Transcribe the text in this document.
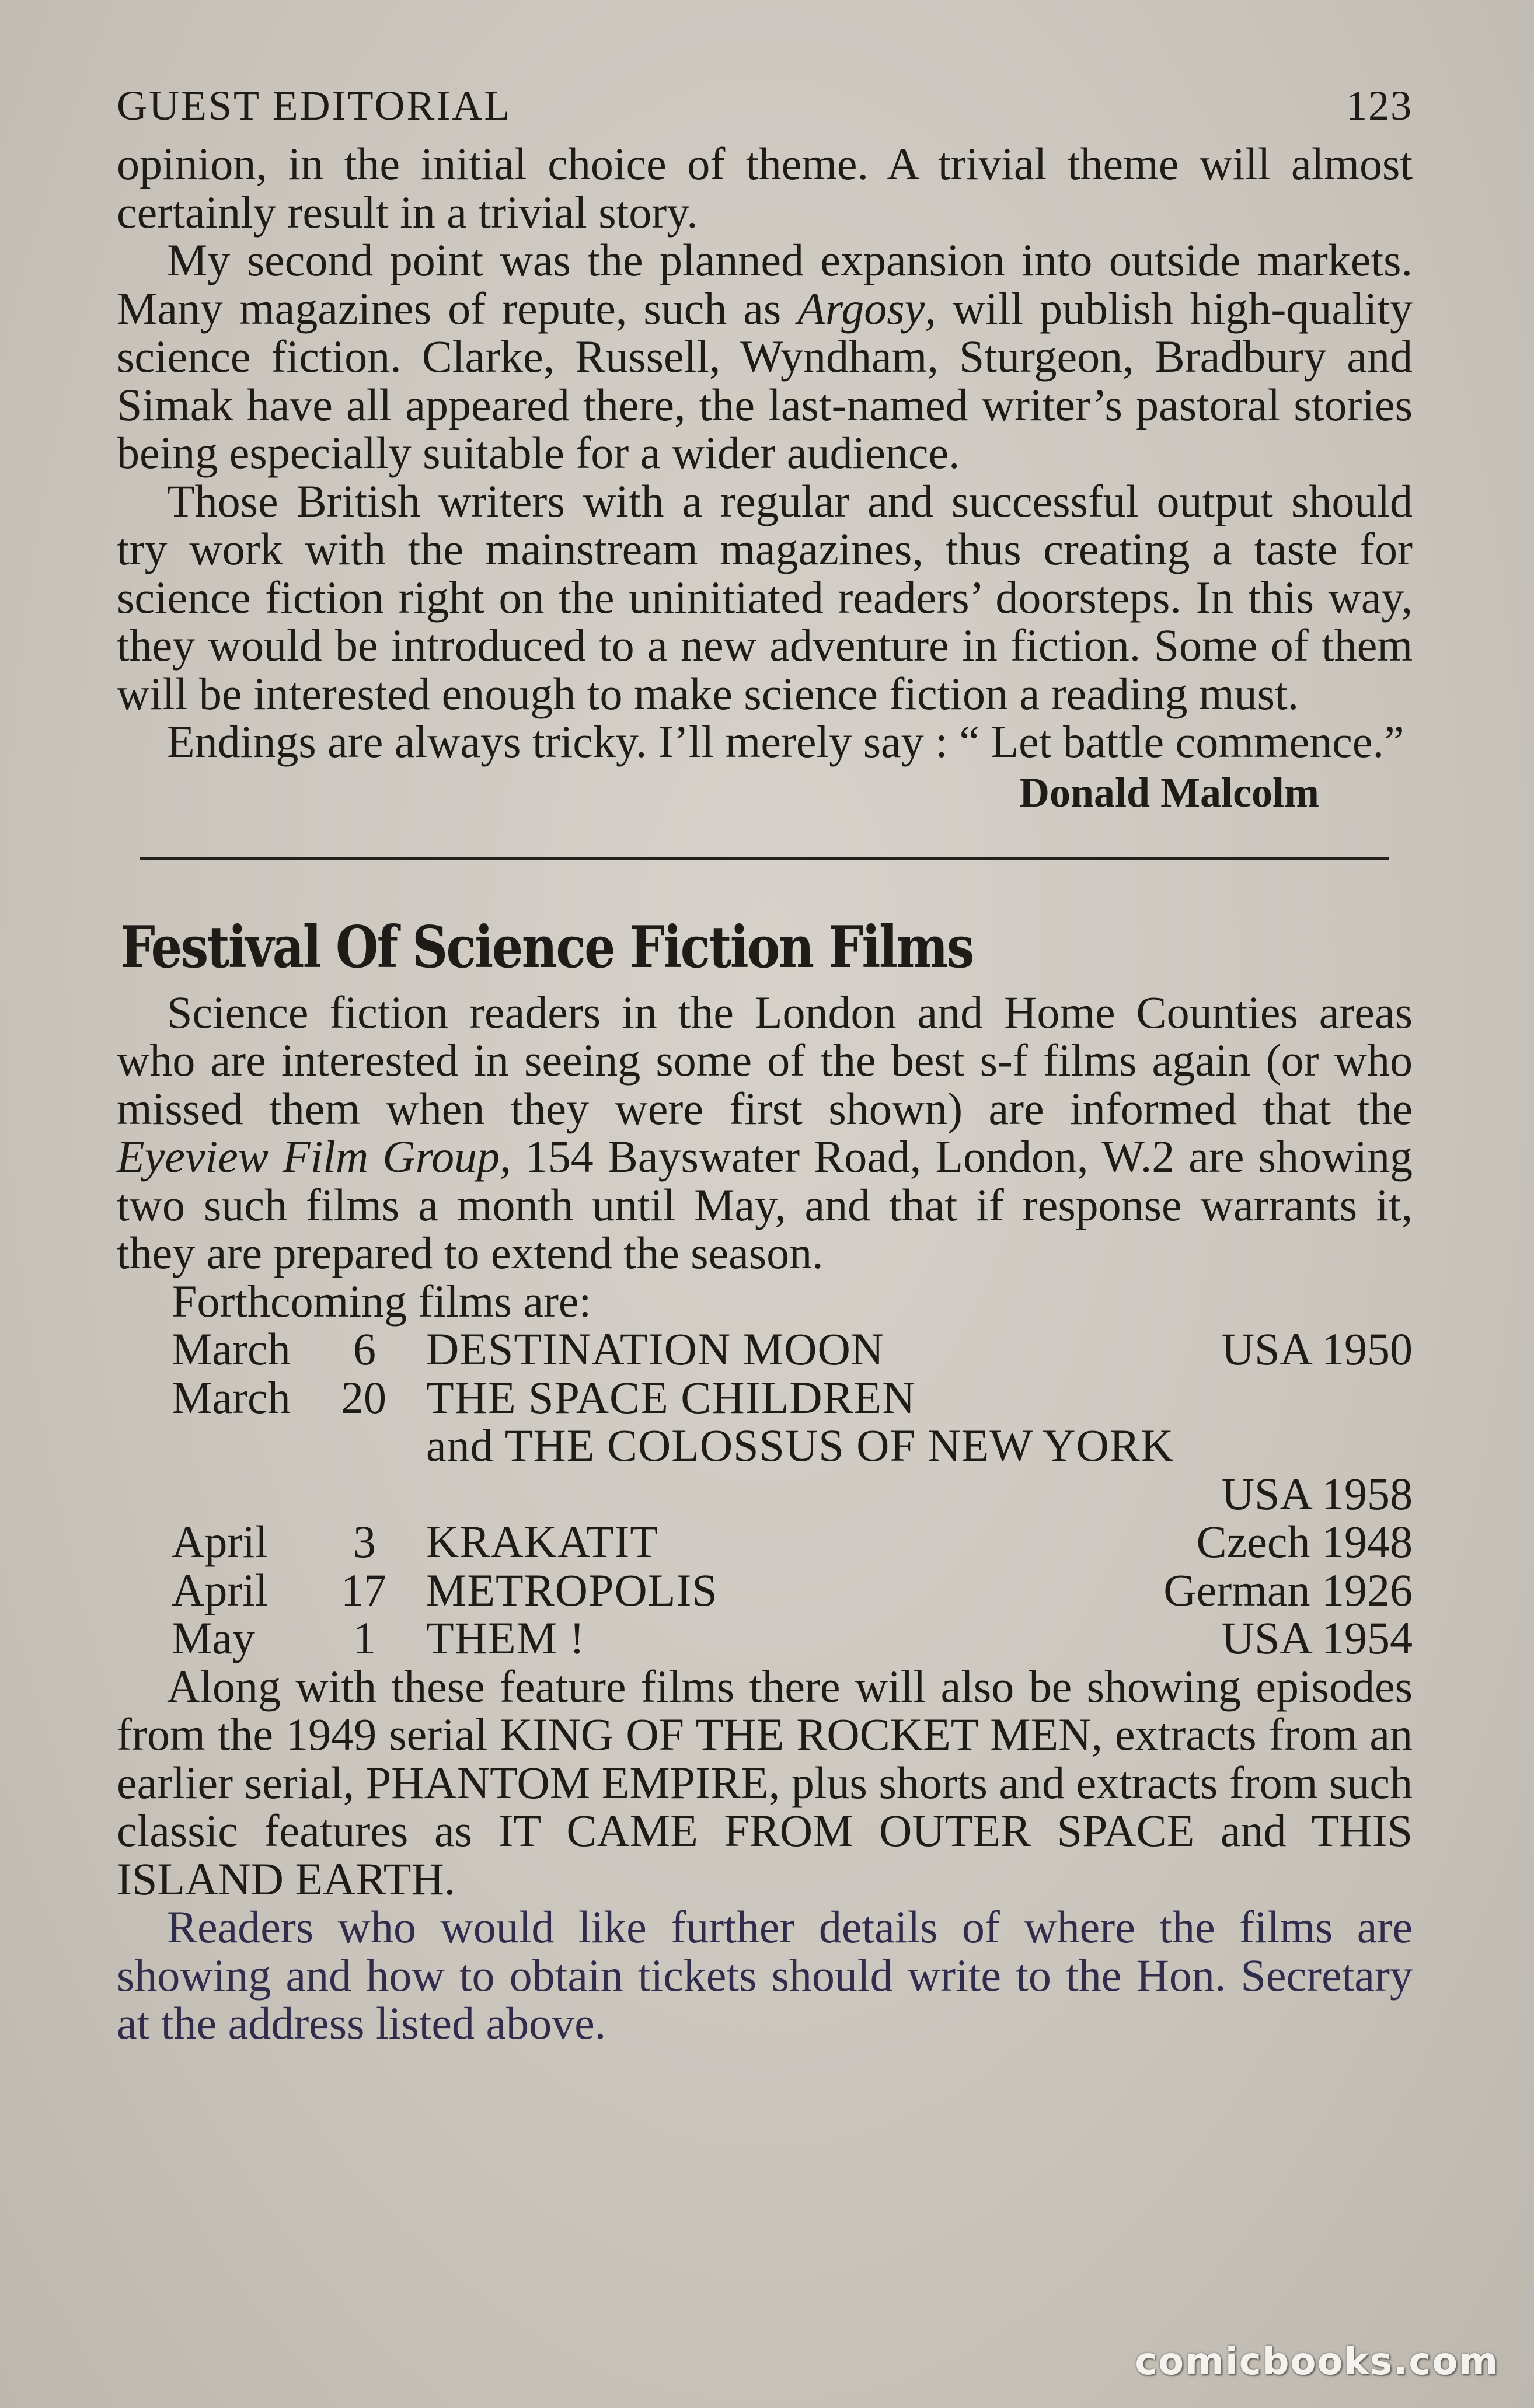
GUEST EDITORIAL	123

opinion, in the initial choice of theme. A trivial theme will almost certainly result in a trivial story.

My second point was the planned expansion into outside markets. Many magazines of repute, such as Argosy, will publish high-quality science fiction. Clarke, Russell, Wyndham, Sturgeon, Bradbury and Simak have all appeared there, the last-named writer’s pastoral stories being especially suitable for a wider audience.

Those British writers with a regular and successful output should try work with the mainstream magazines, thus creating a taste for science fiction right on the uninitiated readers’ doorsteps. In this way, they would be introduced to a new adventure in fiction. Some of them will be interested enough to make science fiction a reading must.

Endings are always tricky. I’ll merely say : “ Let battle commence.”

Donald Malcolm
Festival Of Science Fiction Films

Science fiction readers in the London and Home Counties areas who are interested in seeing some of the best s-f films again (or who missed them when they were first shown) are informed that the Eyeview Film Group, 154 Bayswater Road, London, W.2 are showing two such films a month until May, and that if response warrants it, they are prepared to extend the season.

Forthcoming films are:

March	6 DESTINATION MOON	USA 1950
March	20 THE SPACE CHILDREN
and THE COLOSSUS OF NEW YORK
USA 1958
April	3 KRAKATIT	Czech 1948
April	17 METROPOLIS	German 1926
May	1 THEM !	USA 1954

Along with these feature films there will also be showing episodes from the 1949 serial KING OF THE ROCKET MEN, extracts from an earlier serial, PHANTOM EMPIRE, plus shorts and extracts from such classic features as IT CAME FROM OUTER SPACE and THIS ISLAND EARTH.

Readers who would like further details of where the films are showing and how to obtain tickets should write to the Hon. Secretary at the address listed above.

comicbooks.com
